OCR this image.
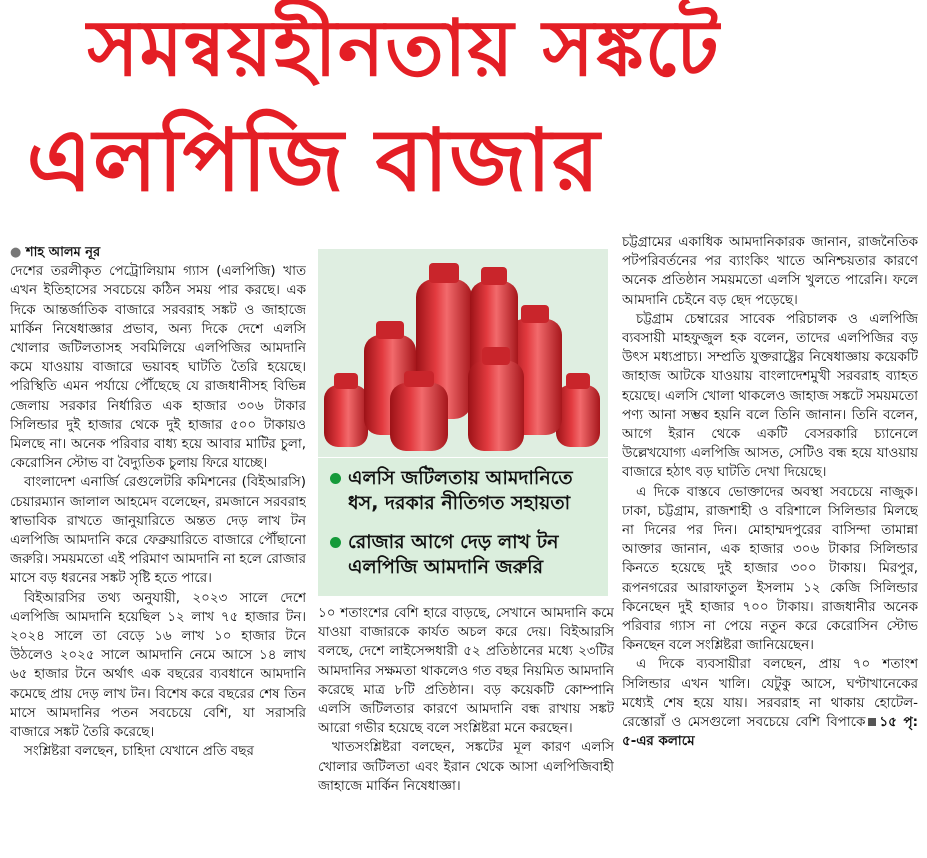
সমন্বয়হীনতায় সঙ্কটে
এলপিজি বাজার

● শাহ আলম নূর

দেশের তরলীকৃত পেট্রোলিয়াম গ্যাস (এলপিজি) খাত এখন ইতিহাসের সবচেয়ে কঠিন সময় পার করছে। এক দিকে আন্তর্জাতিক বাজারে সরবরাহ সঙ্কট ও জাহাজে মার্কিন নিষেধাজ্ঞার প্রভাব, অন্য দিকে দেশে এলসি খোলার জটিলতাসহ সবমিলিয়ে এলপিজির আমদানি কমে যাওয়ায় বাজারে ভয়াবহ ঘাটতি তৈরি হয়েছে। পরিস্থিতি এমন পর্যায়ে পৌঁছেছে যে রাজধানীসহ বিভিন্ন জেলায় সরকার নির্ধারিত এক হাজার ৩০৬ টাকার সিলিন্ডার দুই হাজার থেকে দুই হাজার ৫০০ টাকায়ও মিলছে না। অনেক পরিবার বাধ্য হয়ে আবার মাটির চুলা, কেরোসিন স্টোভ বা বৈদ্যুতিক চুলায় ফিরে যাচ্ছে।

বাংলাদেশ এনার্জি রেগুলেটরি কমিশনের (বিইআরসি) চেয়ারম্যান জালাল আহমেদ বলেছেন, রমজানে সরবরাহ স্বাভাবিক রাখতে জানুয়ারিতে অন্তত দেড় লাখ টন এলপিজি আমদানি করে ফেব্রুয়ারিতে বাজারে পৌঁছানো জরুরি। সময়মতো এই পরিমাণ আমদানি না হলে রোজার মাসে বড় ধরনের সঙ্কট সৃষ্টি হতে পারে।

বিইআরসির তথ্য অনুযায়ী, ২০২৩ সালে দেশে এলপিজি আমদানি হয়েছিল ১২ লাখ ৭৫ হাজার টন। ২০২৪ সালে তা বেড়ে ১৬ লাখ ১০ হাজার টনে উঠলেও ২০২৫ সালে আমদানি নেমে আসে ১৪ লাখ ৬৫ হাজার টনে অর্থাৎ এক বছরের ব্যবধানে আমদানি কমেছে প্রায় দেড় লাখ টন। বিশেষ করে বছরের শেষ তিন মাসে আমদানির পতন সবচেয়ে বেশি, যা সরাসরি বাজারে সঙ্কট তৈরি করেছে।

সংশ্লিষ্টরা বলছেন, চাহিদা যেখানে প্রতি বছর

এলসি জটিলতায় আমদানিতে ধস, দরকার নীতিগত সহায়তা
রোজার আগে দেড় লাখ টন এলপিজি আমদানি জরুরি

১০ শতাংশের বেশি হারে বাড়ছে, সেখানে আমদানি কমে যাওয়া বাজারকে কার্যত অচল করে দেয়। বিইআরসি বলছে, দেশে লাইসেন্সধারী ৫২ প্রতিষ্ঠানের মধ্যে ২৩টির আমদানির সক্ষমতা থাকলেও গত বছর নিয়মিত আমদানি করেছে মাত্র ৮টি প্রতিষ্ঠান। বড় কয়েকটি কোম্পানি এলসি জটিলতার কারণে আমদানি বন্ধ রাখায় সঙ্কট আরো গভীর হয়েছে বলে সংশ্লিষ্টরা মনে করছেন।

খাতসংশ্লিষ্টরা বলছেন, সঙ্কটের মূল কারণ এলসি খোলার জটিলতা এবং ইরান থেকে আসা এলপিজিবাহী জাহাজে মার্কিন নিষেধাজ্ঞা।

চট্টগ্রামের একাধিক আমদানিকারক জানান, রাজনৈতিক পটপরিবর্তনের পর ব্যাংকিং খাতে অনিশ্চয়তার কারণে অনেক প্রতিষ্ঠান সময়মতো এলসি খুলতে পারেনি। ফলে আমদানি চেইনে বড় ছেদ পড়েছে।

চট্টগ্রাম চেম্বারের সাবেক পরিচালক ও এলপিজি ব্যবসায়ী মাহফুজুল হক বলেন, তাদের এলপিজির বড় উৎস মধ্যপ্রাচ্য। সম্প্রতি যুক্তরাষ্ট্রের নিষেধাজ্ঞায় কয়েকটি জাহাজ আটকে যাওয়ায় বাংলাদেশমুখী সরবরাহ ব্যাহত হয়েছে। এলসি খোলা থাকলেও জাহাজ সঙ্কটে সময়মতো পণ্য আনা সম্ভব হয়নি বলে তিনি জানান। তিনি বলেন, আগে ইরান থেকে একটি বেসরকারি চ্যানেলে উল্লেখযোগ্য এলপিজি আসত, সেটিও বন্ধ হয়ে যাওয়ায় বাজারে হঠাৎ বড় ঘাটতি দেখা দিয়েছে।

এ দিকে বাস্তবে ভোক্তাদের অবস্থা সবচেয়ে নাজুক। ঢাকা, চট্টগ্রাম, রাজশাহী ও বরিশালে সিলিন্ডার মিলছে না দিনের পর দিন। মোহাম্মদপুরের বাসিন্দা তামান্না আক্তার জানান, এক হাজার ৩০৬ টাকার সিলিন্ডার কিনতে হয়েছে দুই হাজার ৩০০ টাকায়। মিরপুর, রূপনগরের আরাফাতুল ইসলাম ১২ কেজি সিলিন্ডার কিনেছেন দুই হাজার ৭০০ টাকায়। রাজধানীর অনেক পরিবার গ্যাস না পেয়ে নতুন করে কেরোসিন স্টোভ কিনছেন বলে সংশ্লিষ্টরা জানিয়েছেন।

এ দিকে ব্যবসায়ীরা বলছেন, প্রায় ৭০ শতাংশ সিলিন্ডার এখন খালি। যেটুকু আসে, ঘণ্টাখানেকের মধ্যেই শেষ হয়ে যায়। সরবরাহ না থাকায় হোটেল-রেস্তোরাঁ ও মেসগুলো সবচেয়ে বেশি বিপাকে ১৫ পৃ: ৫-এর কলামে
